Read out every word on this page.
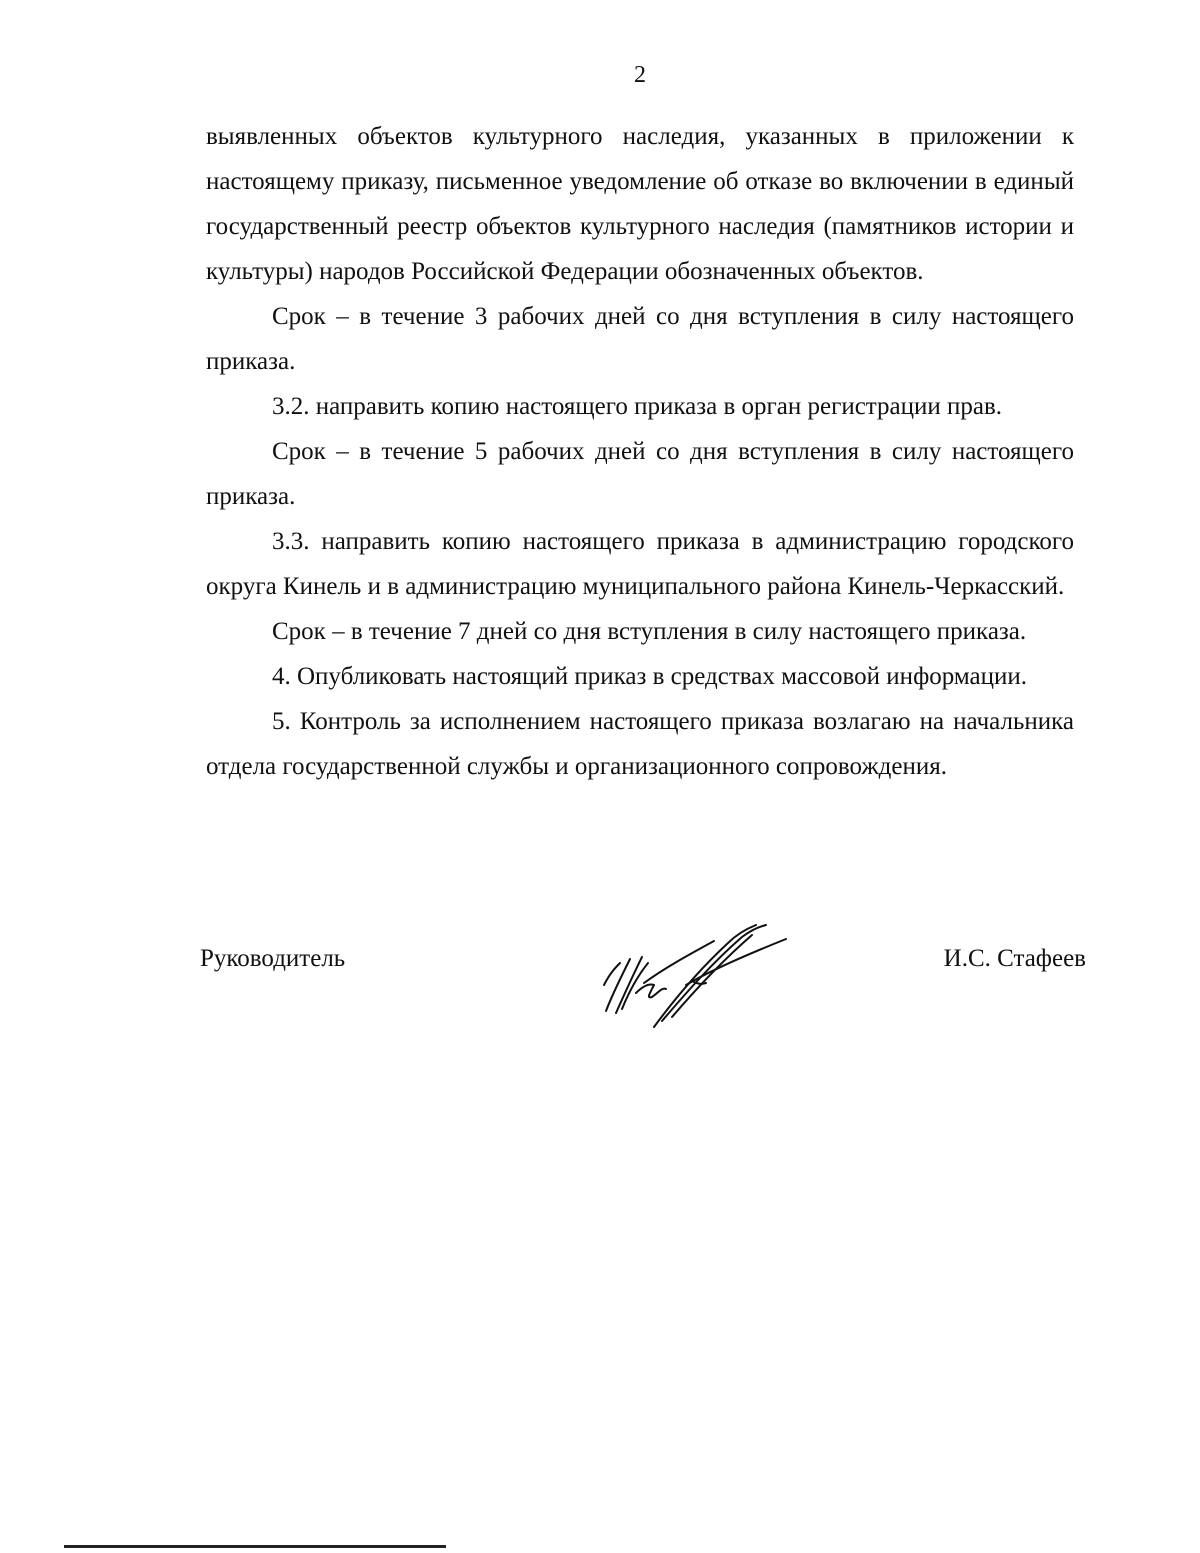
2

выявленных объектов культурного наследия, указанных в приложении к настоящему приказу, письменное уведомление об отказе во включении в единый государственный реестр объектов культурного наследия (памятников истории и культуры) народов Российской Федерации обозначенных объектов.

Срок – в течение 3 рабочих дней со дня вступления в силу настоящего приказа.

3.2. направить копию настоящего приказа в орган регистрации прав.

Срок – в течение 5 рабочих дней со дня вступления в силу настоящего приказа.

3.3. направить копию настоящего приказа в администрацию городского округа Кинель и в администрацию муниципального района Кинель-Черкасский.

Срок – в течение 7 дней со дня вступления в силу настоящего приказа.

4. Опубликовать настоящий приказ в средствах массовой информации.

5. Контроль за исполнением настоящего приказа возлагаю на начальника отдела государственной службы и организационного сопровождения.

Руководитель	И.С. Стафеев
